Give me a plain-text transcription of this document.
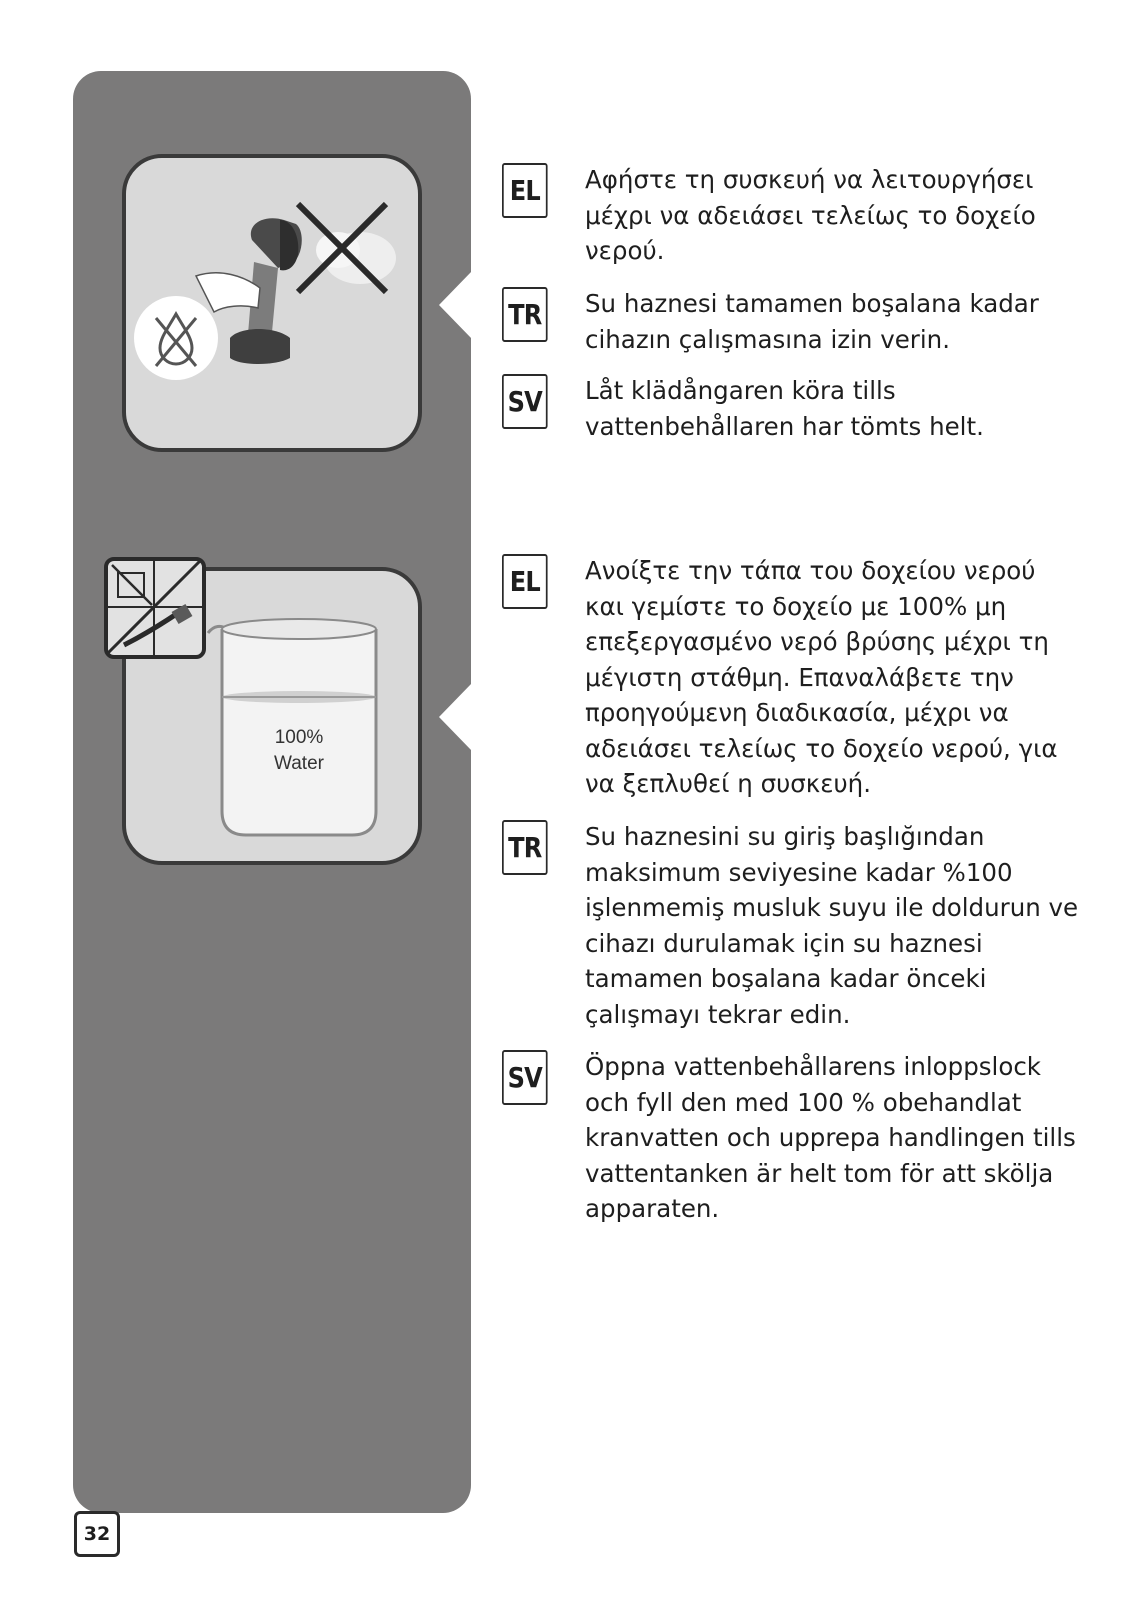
100%
Water
EL	Αφήστε τη συσκευή να λειτουργήσει μέχρι να αδειάσει τελείως το δοχείο νερού.
TR Su haznesi tamamen boşalana kadar cihazın çalışmasına izin verin.
SV Låt klädångaren köra tills vattenbehållaren har tömts helt.
EL	Ανοίξτε την τάπα του δοχείου νερού και γεμίστε το δοχείο με 100% μη επεξεργασμένο νερό βρύσης μέχρι τη μέγιστη στάθμη. Επαναλάβετε την προηγούμενη διαδικασία, μέχρι να αδειάσει τελείως το δοχείο νερού, για να ξεπλυθεί η συσκευή.
TR Su haznesini su giriş başlığından maksimum seviyesine kadar %100 işlenmemiş musluk suyu ile doldurun ve cihazı durulamak için su haznesi tamamen boşalana kadar önceki çalışmayı tekrar edin.
SV Öppna vattenbehållarens inloppslock och fyll den med 100 % obehandlat kranvatten och upprepa handlingen tills vattentanken är helt tom för att skölja apparaten.
32
